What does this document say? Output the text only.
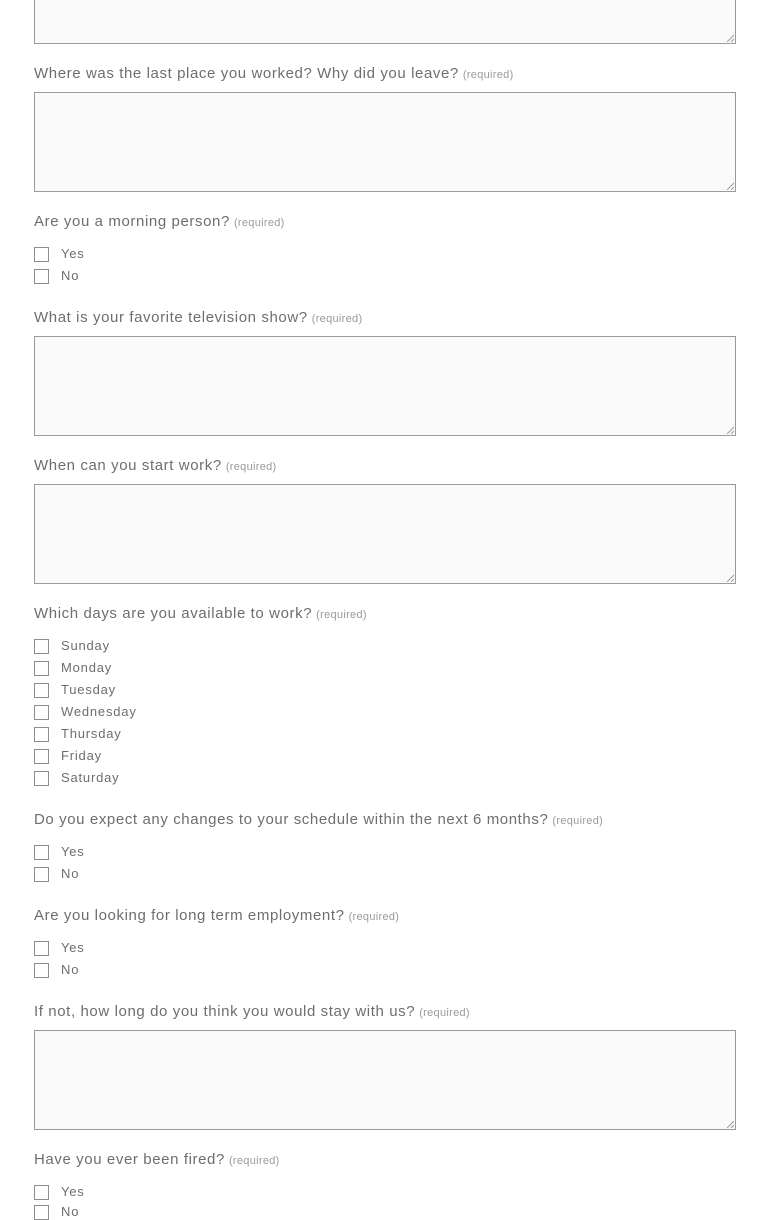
Where was the last place you worked? Why did you leave? (required)
Are you a morning person? (required)
Yes
No
What is your favorite television show? (required)
When can you start work? (required)
Which days are you available to work? (required)
Sunday
Monday
Tuesday
Wednesday
Thursday
Friday
Saturday
Do you expect any changes to your schedule within the next 6 months? (required)
Yes
No
Are you looking for long term employment? (required)
Yes
No
If not, how long do you think you would stay with us? (required)
Have you ever been fired? (required)
Yes
No
